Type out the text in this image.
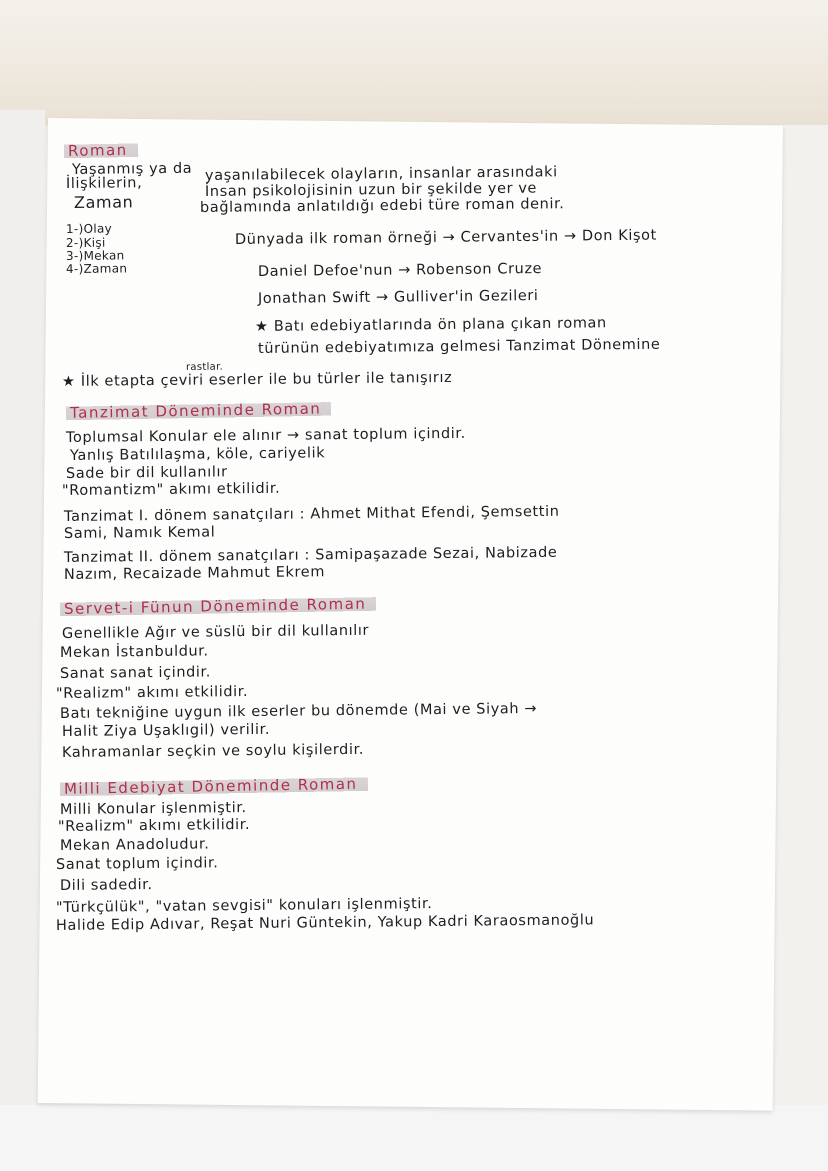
Roman
Yaşanmış ya da
İlişkilerin,
Zaman
yaşanılabilecek olayların, insanlar arasındaki
İnsan psikolojisinin uzun bir şekilde yer ve
bağlamında anlatıldığı edebi türe roman denir.
1-)Olay
2-)Kişi
3-)Mekan
4-)Zaman
Dünyada ilk roman örneği → Cervantes'in → Don Kişot
Daniel Defoe'nun → Robenson Cruze
Jonathan Swift → Gulliver'in Gezileri
★ Batı edebiyatlarında ön plana çıkan roman
türünün edebiyatımıza gelmesi Tanzimat Dönemine
rastlar.
★ İlk etapta çeviri eserler ile bu türler ile tanışırız
Tanzimat Döneminde Roman
Toplumsal Konular ele alınır → sanat toplum içindir.
Yanlış Batılılaşma, köle, cariyelik
Sade bir dil kullanılır
"Romantizm" akımı etkilidir.
Tanzimat I. dönem sanatçıları : Ahmet Mithat Efendi, Şemsettin
Sami, Namık Kemal
Tanzimat II. dönem sanatçıları : Samipaşazade Sezai, Nabizade
Nazım, Recaizade Mahmut Ekrem
Servet-i Fünun Döneminde Roman
Genellikle Ağır ve süslü bir dil kullanılır
Mekan İstanbuldur.
Sanat sanat içindir.
"Realizm" akımı etkilidir.
Batı tekniğine uygun ilk eserler bu dönemde (Mai ve Siyah →
Halit Ziya Uşaklıgil) verilir.
Kahramanlar seçkin ve soylu kişilerdir.
Milli Edebiyat Döneminde Roman
Milli Konular işlenmiştir.
"Realizm" akımı etkilidir.
Mekan Anadoludur.
Sanat toplum içindir.
Dili sadedir.
"Türkçülük", "vatan sevgisi" konuları işlenmiştir.
Halide Edip Adıvar, Reşat Nuri Güntekin, Yakup Kadri Karaosmanoğlu
